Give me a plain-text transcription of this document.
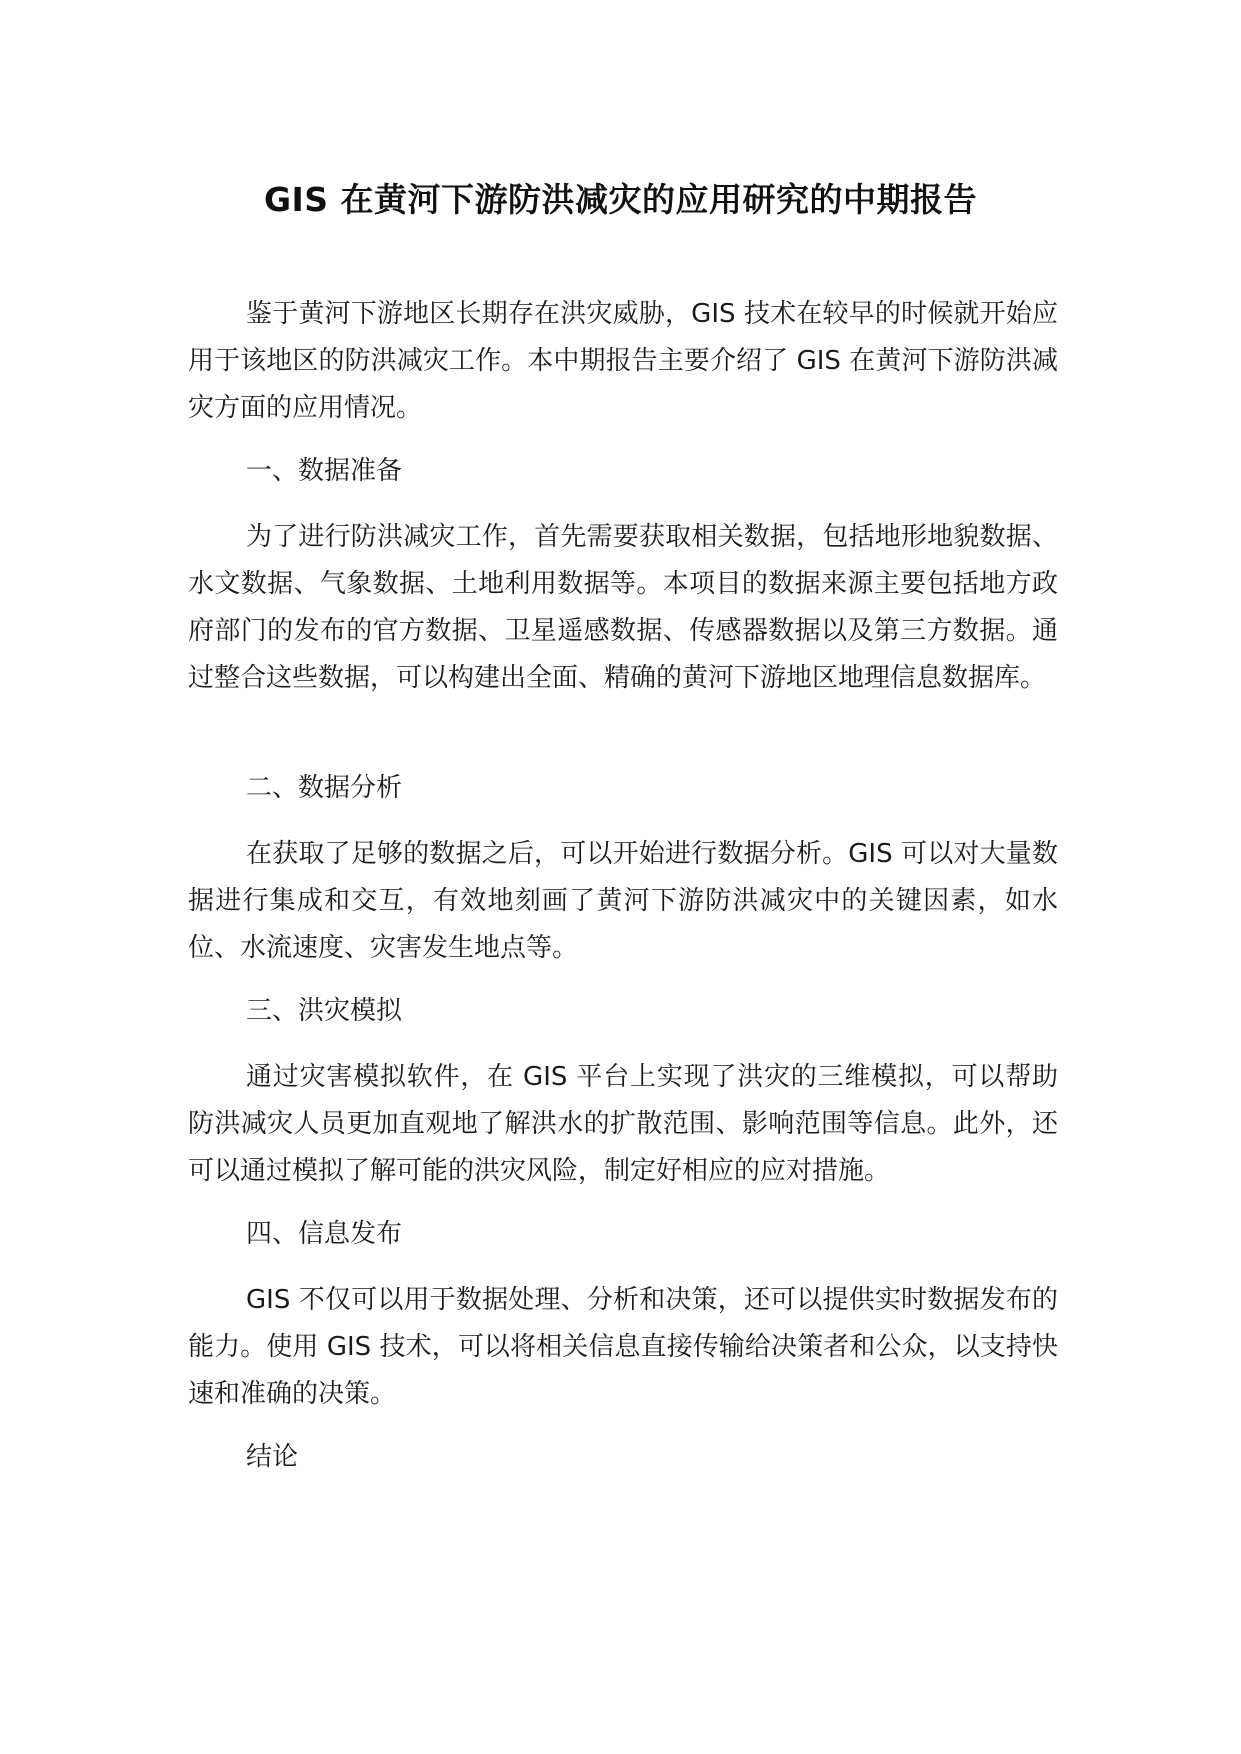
GIS 在黄河下游防洪减灾的应用研究的中期报告

鉴于黄河下游地区长期存在洪灾威胁，GIS 技术在较早的时候就开始应用于该地区的防洪减灾工作。本中期报告主要介绍了 GIS 在黄河下游防洪减灾方面的应用情况。

一、数据准备

为了进行防洪减灾工作，首先需要获取相关数据，包括地形地貌数据、水文数据、气象数据、土地利用数据等。本项目的数据来源主要包括地方政府部门的发布的官方数据、卫星遥感数据、传感器数据以及第三方数据。通过整合这些数据，可以构建出全面、精确的黄河下游地区地理信息数据库。

二、数据分析

在获取了足够的数据之后，可以开始进行数据分析。GIS 可以对大量数据进行集成和交互，有效地刻画了黄河下游防洪减灾中的关键因素，如水位、水流速度、灾害发生地点等。

三、洪灾模拟

通过灾害模拟软件，在 GIS 平台上实现了洪灾的三维模拟，可以帮助防洪减灾人员更加直观地了解洪水的扩散范围、影响范围等信息。此外，还可以通过模拟了解可能的洪灾风险，制定好相应的应对措施。

四、信息发布

GIS 不仅可以用于数据处理、分析和决策，还可以提供实时数据发布的能力。使用 GIS 技术，可以将相关信息直接传输给决策者和公众，以支持快速和准确的决策。

结论
